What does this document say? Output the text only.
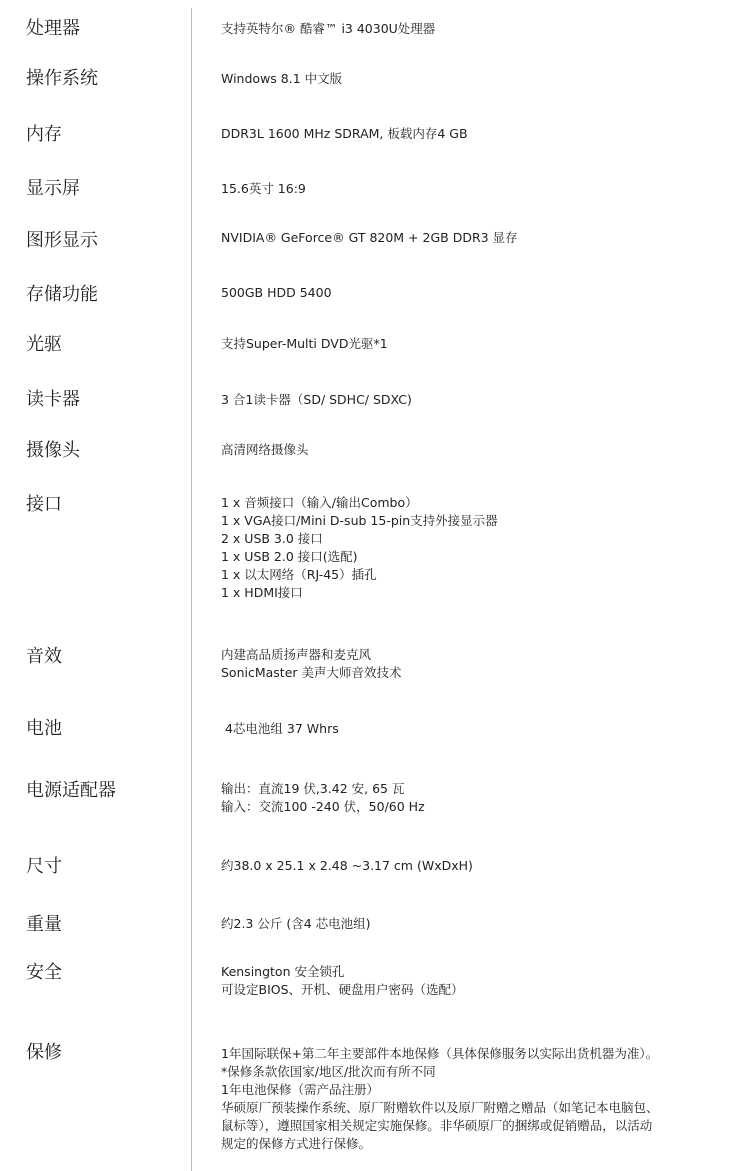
处理器	支持英特尔® 酷睿™ i3 4030U处理器
操作系统	Windows 8.1 中文版
内存	DDR3L 1600 MHz SDRAM, 板载内存4 GB
显示屏	15.6英寸 16:9
图形显示	NVIDIA® GeForce® GT 820M + 2GB DDR3 显存
存储功能	500GB HDD 5400
光驱	支持Super-Multi DVD光驱*1
读卡器	3 合1读卡器（SD/ SDHC/ SDXC)
摄像头	高清网络摄像头
接口	1 x 音频接口（输入/输出Combo）
1 x VGA接口/Mini D-sub 15-pin支持外接显示器
2 x USB 3.0 接口
1 x USB 2.0 接口(选配)
1 x 以太网络（RJ-45）插孔
1 x HDMI接口
音效	内建高品质扬声器和麦克风
SonicMaster 美声大师音效技术
电池	4芯电池组 37 Whrs
电源适配器	输出：直流19 伏,3.42 安, 65 瓦
输入：交流100 -240 伏，50/60 Hz
尺寸	约38.0 x 25.1 x 2.48 ~3.17 cm (WxDxH)
重量	约2.3 公斤 (含4 芯电池组)
安全	Kensington 安全锁孔
可设定BIOS、开机、硬盘用户密码（选配）
保修	1年国际联保+第二年主要部件本地保修（具体保修服务以实际出货机器为准）。
*保修条款依国家/地区/批次而有所不同
1年电池保修（需产品注册）
华硕原厂预装操作系统、原厂附赠软件以及原厂附赠之赠品（如笔记本电脑包、
鼠标等），遵照国家相关规定实施保修。非华硕原厂的捆绑或促销赠品，以活动
规定的保修方式进行保修。
